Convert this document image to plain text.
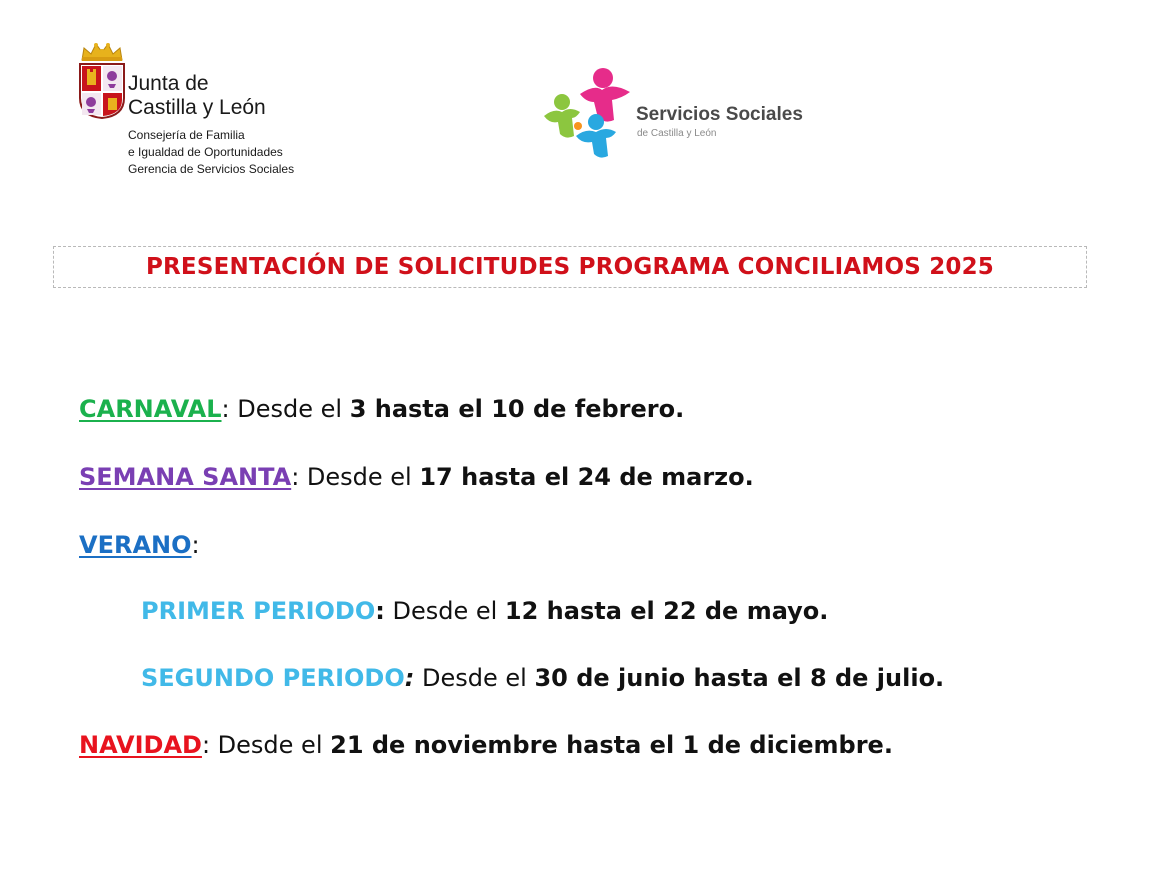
Junta de
Castilla y León
Consejería de Familia
e Igualdad de Oportunidades
Gerencia de Servicios Sociales
Servicios Sociales
de Castilla y León
PRESENTACIÓN DE SOLICITUDES PROGRAMA CONCILIAMOS 2025
CARNAVAL: Desde el 3 hasta el 10 de febrero.
SEMANA SANTA: Desde el 17 hasta el 24 de marzo.
VERANO:
PRIMER PERIODO: Desde el 12 hasta el 22 de mayo.
SEGUNDO PERIODO: Desde el 30 de junio hasta el 8 de julio.
NAVIDAD: Desde el 21 de noviembre hasta el 1 de diciembre.
